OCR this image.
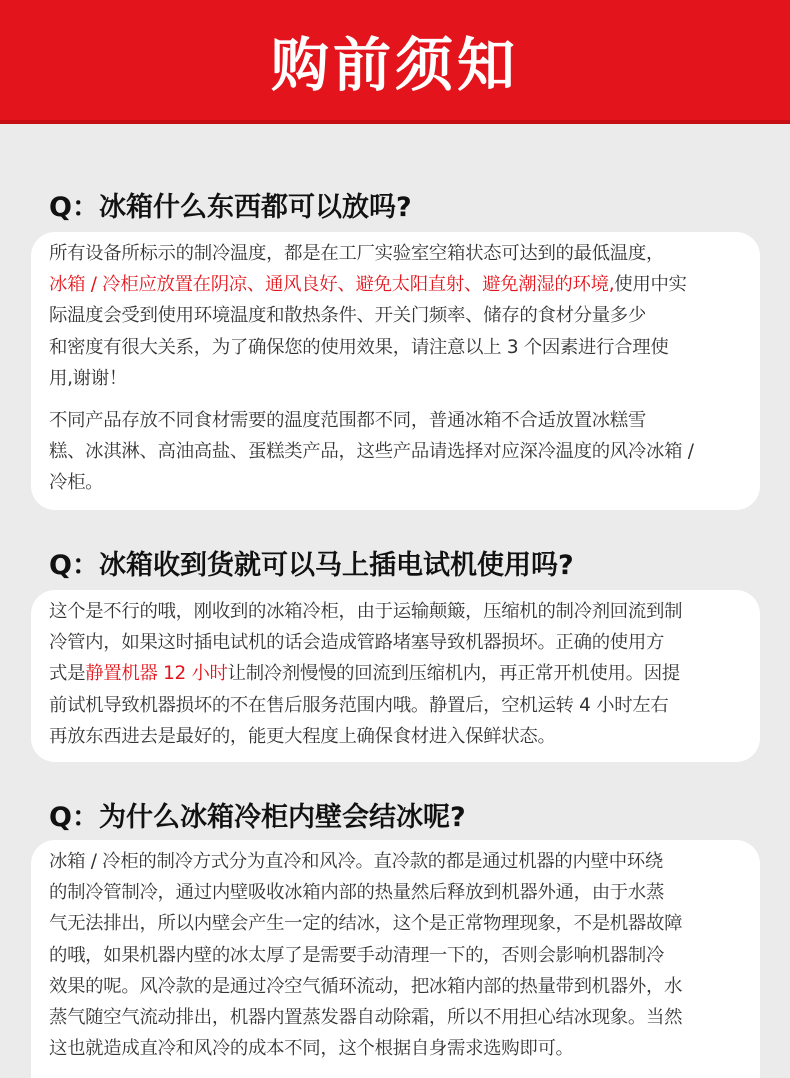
购前须知
Q：冰箱什么东西都可以放吗?

所有设备所标示的制冷温度，都是在工厂实验室空箱状态可达到的最低温度，

冰箱 / 冷柜应放置在阴凉、通风良好、避免太阳直射、避免潮湿的环境,使用中实

际温度会受到使用环境温度和散热条件、开关门频率、储存的食材分量多少

和密度有很大关系，为了确保您的使用效果，请注意以上 3 个因素进行合理使

用,谢谢！

不同产品存放不同食材需要的温度范围都不同，普通冰箱不合适放置冰糕雪

糕、冰淇淋、高油高盐、蛋糕类产品，这些产品请选择对应深冷温度的风冷冰箱 /

冷柜。

Q：冰箱收到货就可以马上插电试机使用吗?

这个是不行的哦，刚收到的冰箱冷柜，由于运输颠簸，压缩机的制冷剂回流到制

冷管内，如果这时插电试机的话会造成管路堵塞导致机器损坏。正确的使用方

式是静置机器 12 小时让制冷剂慢慢的回流到压缩机内，再正常开机使用。因提

前试机导致机器损坏的不在售后服务范围内哦。静置后，空机运转 4 小时左右

再放东西进去是最好的，能更大程度上确保食材进入保鲜状态。

Q：为什么冰箱冷柜内壁会结冰呢?

冰箱 / 冷柜的制冷方式分为直冷和风冷。直冷款的都是通过机器的内壁中环绕

的制冷管制冷，通过内壁吸收冰箱内部的热量然后释放到机器外通，由于水蒸

气无法排出，所以内壁会产生一定的结冰，这个是正常物理现象，不是机器故障

的哦，如果机器内壁的冰太厚了是需要手动清理一下的，否则会影响机器制冷

效果的呢。风冷款的是通过冷空气循环流动，把冰箱内部的热量带到机器外，水

蒸气随空气流动排出，机器内置蒸发器自动除霜，所以不用担心结冰现象。当然

这也就造成直冷和风冷的成本不同，这个根据自身需求选购即可。
